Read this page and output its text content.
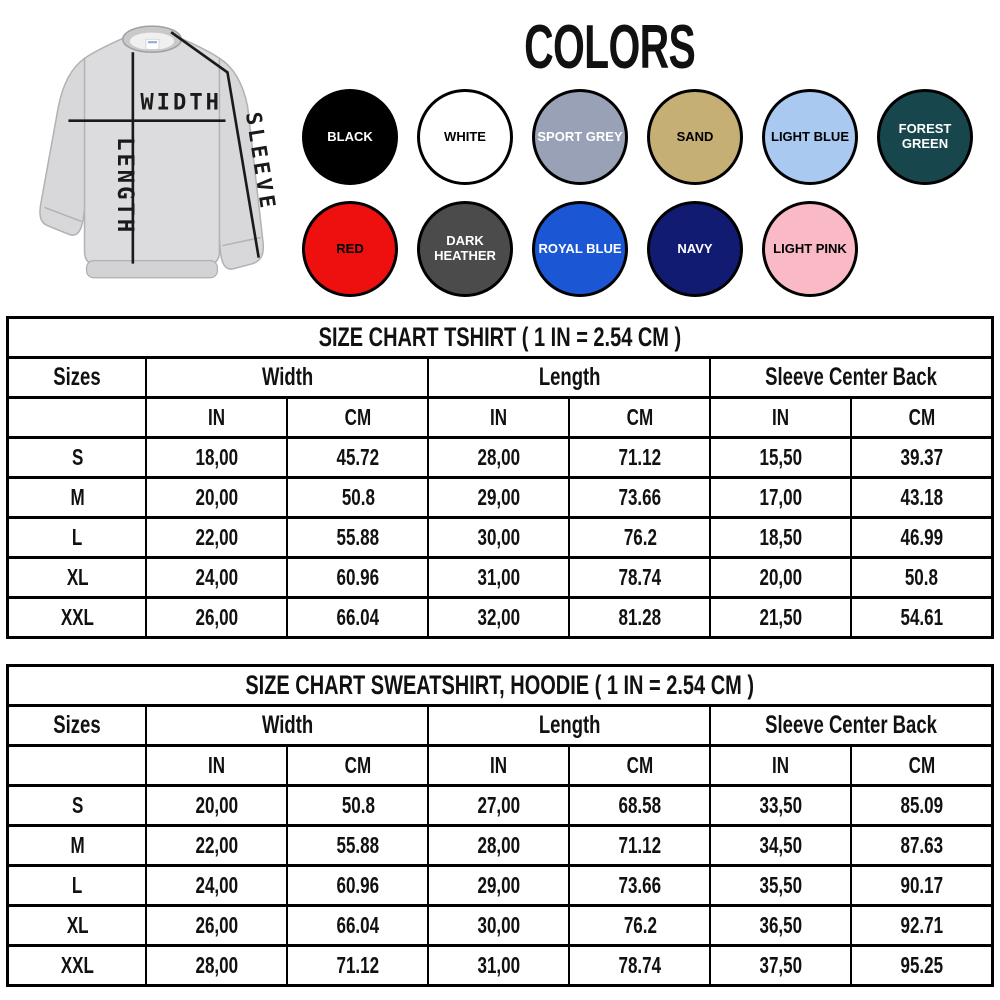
WIDTH
LENGTH	SLEEVE
COLORS
BLACK	WHITE	SPORT GREY	SAND	LIGHT BLUE	FOREST GREEN
RED	DARK HEATHER	ROYAL BLUE	NAVY	LIGHT PINK
SIZE CHART TSHIRT ( 1 IN = 2.54 CM )						
Sizes	Width		Length		Sleeve Center Back	
	IN	CM	IN	CM	IN	CM
S	18,00	45.72	28,00	71.12	15,50	39.37
M	20,00	50.8	29,00	73.66	17,00	43.18
L	22,00	55.88	30,00	76.2	18,50	46.99
XL	24,00	60.96	31,00	78.74	20,00	50.8
XXL	26,00	66.04	32,00	81.28	21,50	54.61
SIZE CHART SWEATSHIRT, HOODIE ( 1 IN = 2.54 CM )						
Sizes	Width		Length		Sleeve Center Back	
	IN	CM	IN	CM	IN	CM
S	20,00	50.8	27,00	68.58	33,50	85.09
M	22,00	55.88	28,00	71.12	34,50	87.63
L	24,00	60.96	29,00	73.66	35,50	90.17
XL	26,00	66.04	30,00	76.2	36,50	92.71
XXL	28,00	71.12	31,00	78.74	37,50	95.25
